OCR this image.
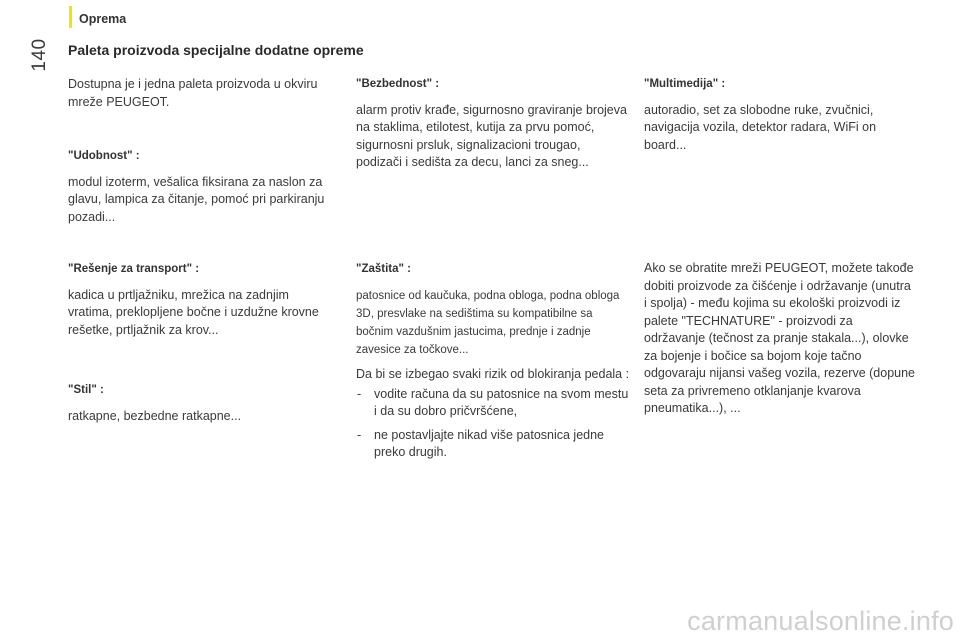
Oprema
140 Paleta proizvoda specijalne dodatne opreme

Dostupna je i jedna paleta proizvoda u okviru mreže PEUGEOT.

"Udobnost" :

modul izoterm, vešalica fiksirana za naslon za glavu, lampica za čitanje, pomoć pri parkiranju pozadi...

"Rešenje za transport" :

kadica u prtljažniku, mrežica na zadnjim vratima, preklopljene bočne i uzdužne krovne rešetke, prtljažnik za krov...

"Stil" :

ratkapne, bezbedne ratkapne...

"Bezbednost" :

alarm protiv krađe, sigurnosno graviranje brojeva na staklima, etilotest, kutija za prvu pomoć, sigurnosni prsluk, signalizacioni trougao, podizači i sedišta za decu, lanci za sneg...

"Zaštita" :

patosnice od kaučuka, podna obloga, podna obloga 3D, presvlake na sedištima su kompatibilne sa bočnim vazdušnim jastucima, prednje i zadnje zavesice za točkove...

Da bi se izbegao svaki rizik od blokiranja pedala :

- vodite računa da su patosnice na svom mestu i da su dobro pričvršćene,
- ne postavljajte nikad više patosnica jedne preko drugih.

"Multimedija" :

autoradio, set za slobodne ruke, zvučnici, navigacija vozila, detektor radara, WiFi on board...

Ako se obratite mreži PEUGEOT, možete takođe dobiti proizvode za čišćenje i održavanje (unutra i spolja) - među kojima su ekološki proizvodi iz palete "TECHNATURE" - proizvodi za održavanje (tečnost za pranje stakala...), olovke za bojenje i bočice sa bojom koje tačno odgovaraju nijansi vašeg vozila, rezerve (dopune seta za privremeno otklanjanje kvarova pneumatika...), ...

carmanualsonline.info
